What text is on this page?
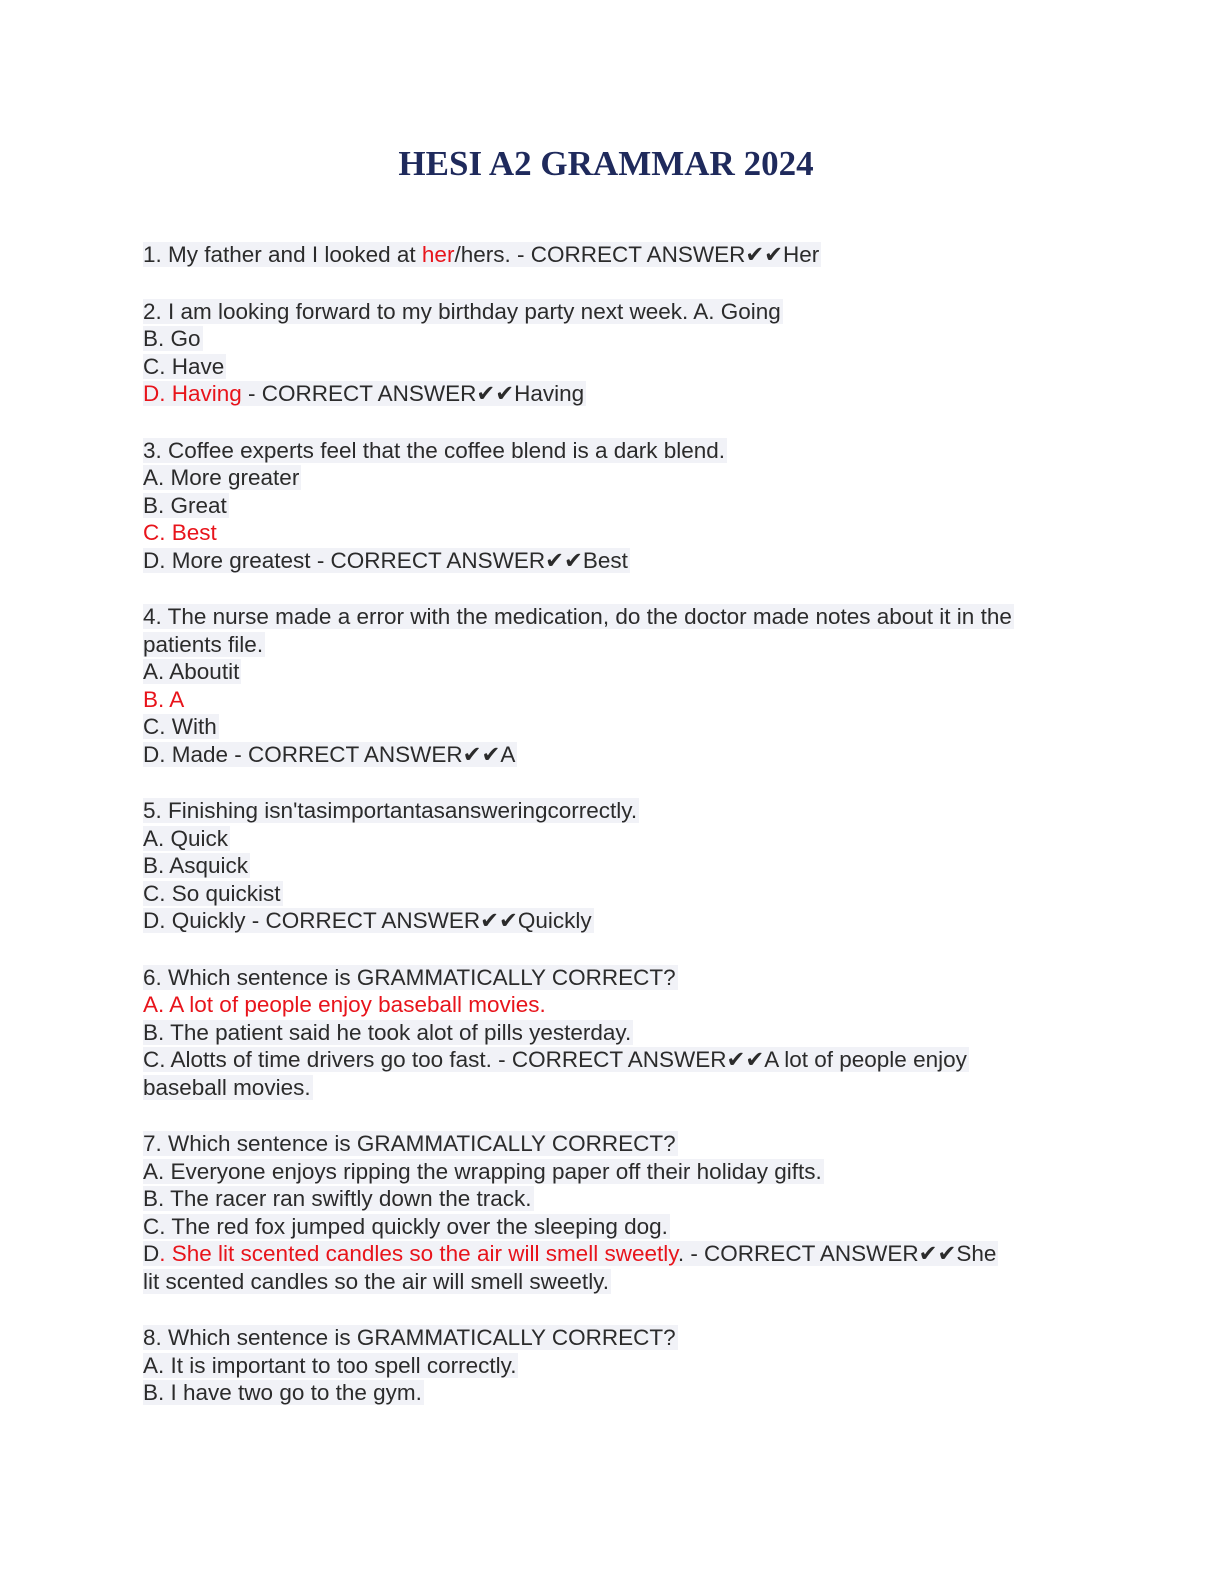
HESI A2 GRAMMAR 2024
1. My father and I looked at her/hers. - CORRECT ANSWER✔✔Her
2. I am looking forward to my birthday party next week. A. Going
B. Go
C. Have
D. Having - CORRECT ANSWER✔✔Having
3. Coffee experts feel that the coffee blend is a dark blend.
A. More greater
B. Great
C. Best
D. More greatest - CORRECT ANSWER✔✔Best
4. The nurse made a error with the medication, do the doctor made notes about it in the
patients file.
A. Aboutit
B. A
C. With
D. Made - CORRECT ANSWER✔✔A
5. Finishing isn'tasimportantasansweringcorrectly.
A. Quick
B. Asquick
C. So quickist
D. Quickly - CORRECT ANSWER✔✔Quickly
6. Which sentence is GRAMMATICALLY CORRECT?
A. A lot of people enjoy baseball movies.
B. The patient said he took alot of pills yesterday.
C. Alotts of time drivers go too fast. - CORRECT ANSWER✔✔A lot of people enjoy
baseball movies.
7. Which sentence is GRAMMATICALLY CORRECT?
A. Everyone enjoys ripping the wrapping paper off their holiday gifts.
B. The racer ran swiftly down the track.
C. The red fox jumped quickly over the sleeping dog.
D. She lit scented candles so the air will smell sweetly. - CORRECT ANSWER✔✔She
lit scented candles so the air will smell sweetly.
8. Which sentence is GRAMMATICALLY CORRECT?
A. It is important to too spell correctly.
B. I have two go to the gym.
